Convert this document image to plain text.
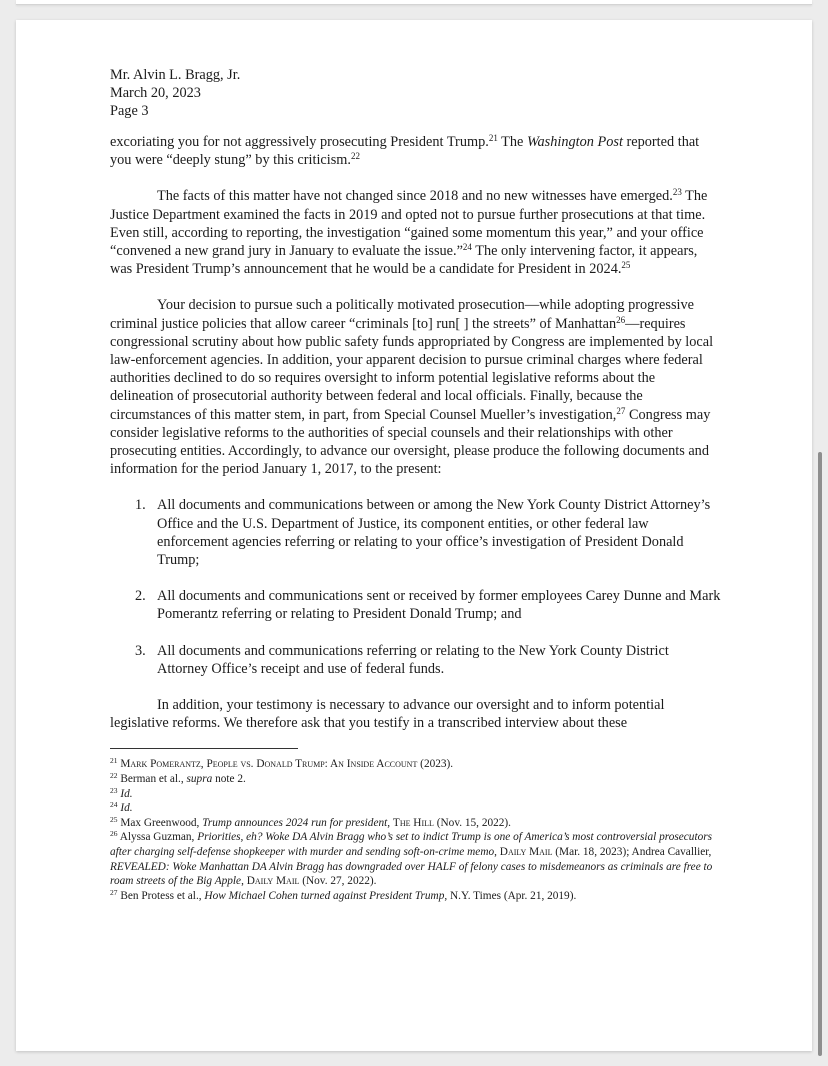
Mr. Alvin L. Bragg, Jr.
March 20, 2023
Page 3

excoriating you for not aggressively prosecuting President Trump.$^{21}$ The Washington Post reported that you were “deeply stung” by this criticism.$^{22}$

The facts of this matter have not changed since 2018 and no new witnesses have emerged.$^{23}$ The Justice Department examined the facts in 2019 and opted not to pursue further prosecutions at that time. Even still, according to reporting, the investigation “gained some momentum this year,” and your office “convened a new grand jury in January to evaluate the issue.”$^{24}$ The only intervening factor, it appears, was President Trump’s announcement that he would be a candidate for President in 2024.25

Your decision to pursue such a politically motivated prosecution—while adopting progressive criminal justice policies that allow career “criminals [to] run[ ] the streets” of Manhattan$^{26}$—requires congressional scrutiny about how public safety funds appropriated by Congress are implemented by local law-enforcement agencies. In addition, your apparent decision to pursue criminal charges where federal authorities declined to do so requires oversight to inform potential legislative reforms about the delineation of prosecutorial authority between federal and local officials. Finally, because the circumstances of this matter stem, in part, from Special Counsel Mueller’s investigation,$^{27}$ Congress may consider legislative reforms to the authorities of special counsels and their relationships with other prosecuting entities. Accordingly, to advance our oversight, please produce the following documents and information for the period January 1, 2017, to the present:

1. All documents and communications between or among the New York County District Attorney’s Office and the U.S. Department of Justice, its component entities, or other federal law enforcement agencies referring or relating to your office’s investigation of President Donald Trump;
2. All documents and communications sent or received by former employees Carey Dunne and Mark Pomerantz referring or relating to President Donald Trump; and
3. All documents and communications referring or relating to the New York County District Attorney Office’s receipt and use of federal funds.

In addition, your testimony is necessary to advance our oversight and to inform potential legislative reforms. We therefore ask that you testify in a transcribed interview about these

$^{21}$ Mark Pomerantz, People vs. Donald Trump: An Inside Account (2023).
$^{22}$ Berman et al., supra note 2.
$^{23}$ Id.
$^{24}$ Id.
$^{25}$ Max Greenwood, Trump announces 2024 run for president, The Hill (Nov. 15, 2022).
$^{26}$ Alyssa Guzman, Priorities, eh? Woke DA Alvin Bragg who’s set to indict Trump is one of America’s most controversial prosecutors after charging self-defense shopkeeper with murder and sending soft-on-crime memo, Daily Mail (Mar. 18, 2023); Andrea Cavallier, REVEALED: Woke Manhattan DA Alvin Bragg has downgraded over HALF of felony cases to misdemeanors as criminals are free to roam streets of the Big Apple, Daily Mail (Nov. 27, 2022).
$^{27}$ Ben Protess et al., How Michael Cohen turned against President Trump, N.Y. Times (Apr. 21, 2019).
